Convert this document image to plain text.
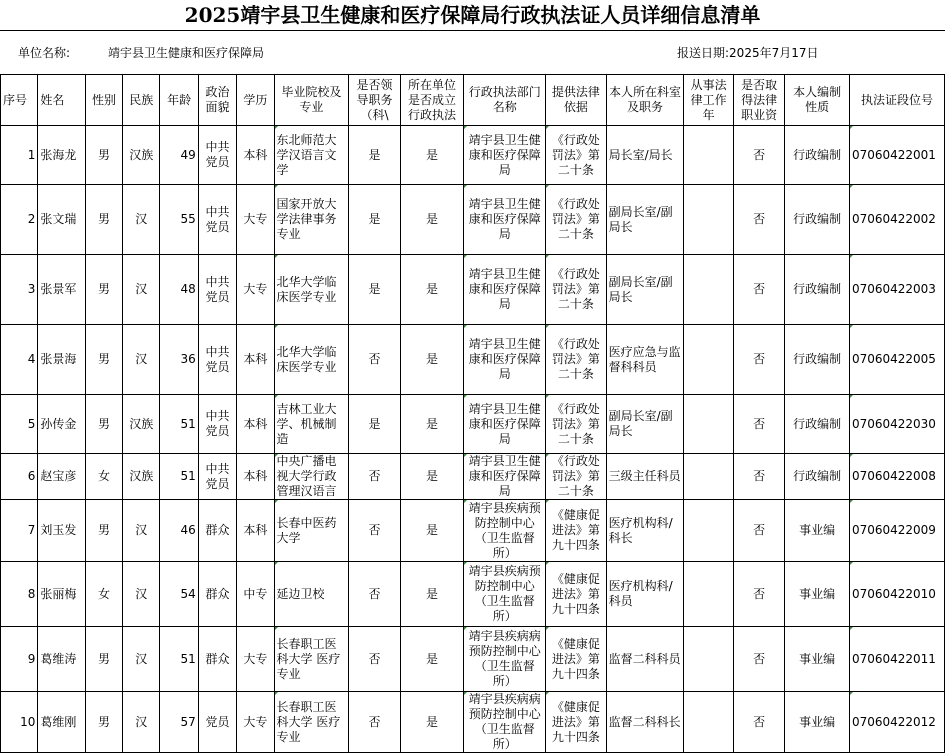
2025靖宇县卫生健康和医疗保障局行政执法证人员详细信息清单
单位名称:	靖宇县卫生健康和医疗保障局	报送日期:2025年7月17日
序号	姓名	性别	民族	年龄	政治面貌	学历	毕业院校及专业	是否领导职务（科\	所在单位是否成立行政执法	行政执法部门名称	提供法律依据	本人所在科室及职务	从事法律工作年	是否取得法律职业资	本人编制性质	执法证段位号
1	张海龙	男	汉族	49	中共党员	本科	东北师范大学汉语言文学	是	是	靖宇县卫生健康和医疗保障局	《行政处罚法》第二十条	局长室/局长		否	行政编制	07060422001
2	张文瑞	男	汉	55	中共党员	大专	国家开放大学法律事务专业	是	是	靖宇县卫生健康和医疗保障局	《行政处罚法》第二十条	副局长室/副局长		否	行政编制	07060422002
3	张景军	男	汉	48	中共党员	大专	北华大学临床医学专业	是	是	靖宇县卫生健康和医疗保障局	《行政处罚法》第二十条	副局长室/副局长		否	行政编制	07060422003
4	张景海	男	汉	36	中共党员	本科	北华大学临床医学专业	否	是	靖宇县卫生健康和医疗保障局	《行政处罚法》第二十条	医疗应急与监督科科员		否	行政编制	07060422005
5	孙传金	男	汉族	51	中共党员	本科	吉林工业大学、机械制造	是	是	靖宇县卫生健康和医疗保障局	《行政处罚法》第二十条	副局长室/副局长		否	行政编制	07060422030
6	赵宝彦	女	汉族	51	中共党员	本科	中央广播电视大学行政管理汉语言	否	是	靖宇县卫生健康和医疗保障局	《行政处罚法》第二十条	三级主任科员		否	行政编制	07060422008
7	刘玉发	男	汉	46	群众	本科	长春中医药大学	否	是	靖宇县疾病预防控制中心（卫生监督所）	《健康促进法》第九十四条	医疗机构科/科长		否	事业编	07060422009
8	张丽梅	女	汉	54	群众	中专	延边卫校	否	是	靖宇县疾病预防控制中心（卫生监督所）	《健康促进法》第九十四条	医疗机构科/科员		否	事业编	07060422010
9	葛维涛	男	汉	51	群众	大专	长春职工医科大学 医疗专业	否	是	靖宇县疾病病预防控制中心（卫生监督所）	《健康促进法》第九十四条	监督二科科员		否	事业编	07060422011
10	葛维刚	男	汉	57	党员	大专	长春职工医科大学 医疗专业	否	是	靖宇县疾病病预防控制中心（卫生监督所）	《健康促进法》第九十四条	监督二科科长		否	事业编	07060422012
